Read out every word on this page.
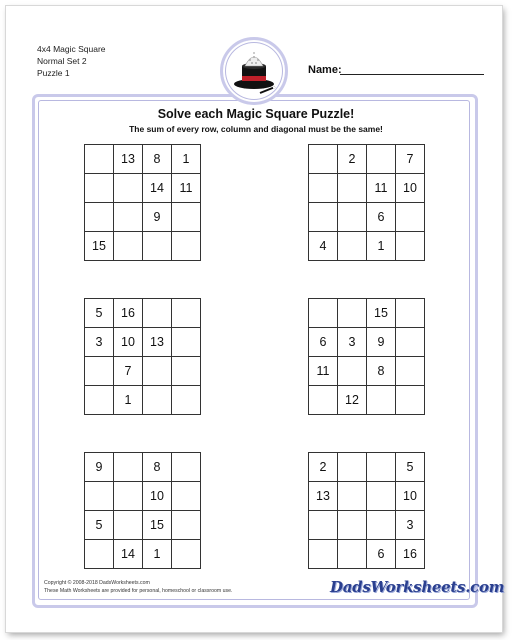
4x4 Magic Square
Normal Set 2
Puzzle 1	Name:
Solve each Magic Square Puzzle!
The sum of every row, column and diagonal must be the same!
	13	8	1
		14	11
		9	
15			
	2		7
		11	10
		6	
4		1	
5	16		
3	10	13	
	7		
	1		
		15	
6	3	9	
11		8	
	12		
9		8	
		10	
5		15	
	14	1	
2			5
13			10
			3
		6	16
Copyright © 2008-2018 DadsWorksheets.com
These Math Worksheets are provided for personal, homeschool or classroom use.	DadsWorksheets.com
